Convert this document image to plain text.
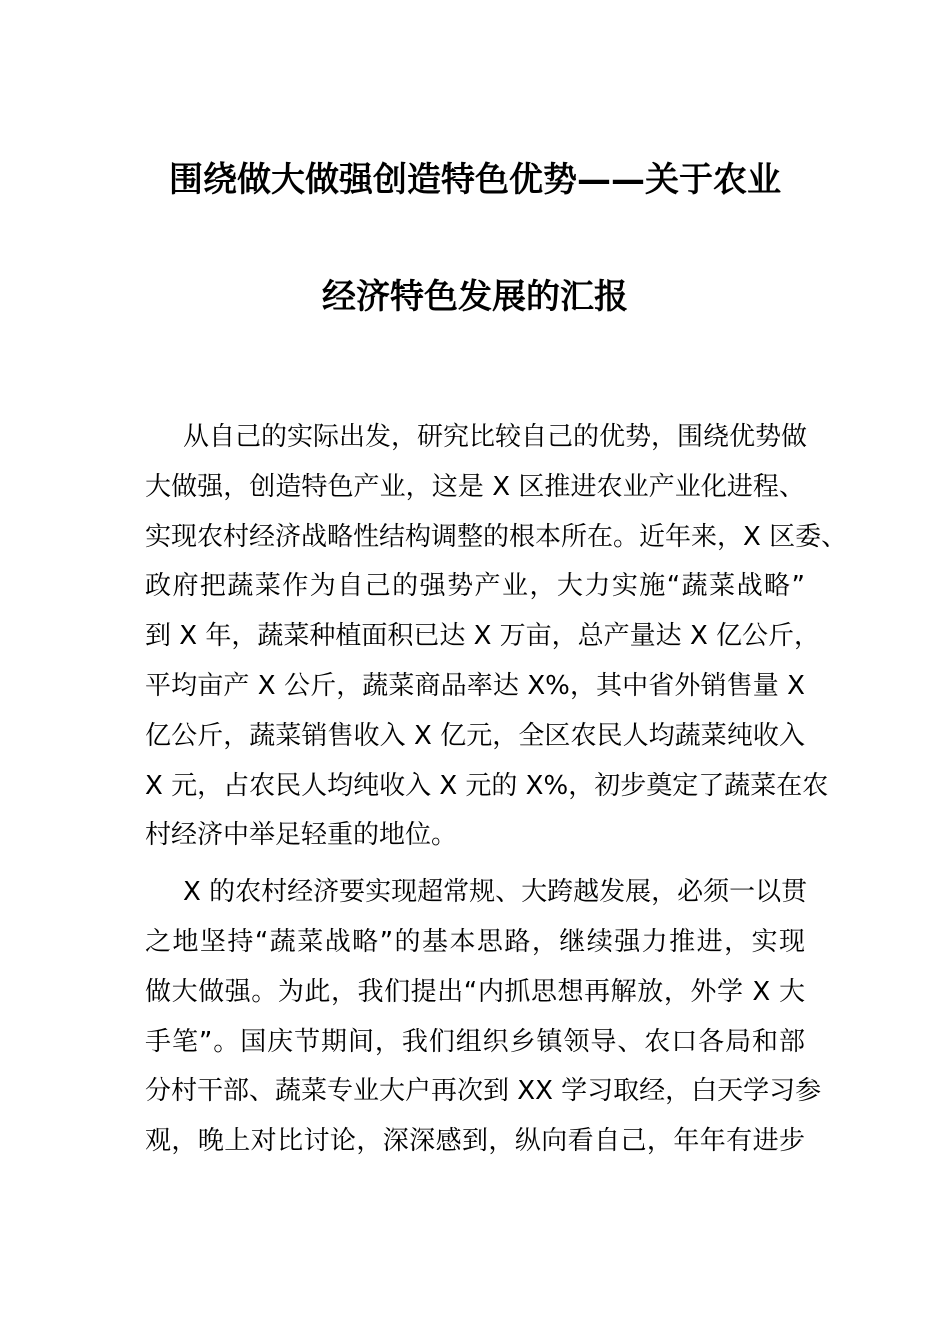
围绕做大做强创造特色优势——关于农业
经济特色发展的汇报
从自己的实际出发，研究比较自己的优势，围绕优势做
大做强，创造特色产业，这是 X 区推进农业产业化进程、
实现农村经济战略性结构调整的根本所在。近年来，X 区委、
政府把蔬菜作为自己的强势产业，大力实施“蔬菜战略”
到 X 年，蔬菜种植面积已达 X 万亩，总产量达 X 亿公斤，
平均亩产 X 公斤，蔬菜商品率达 X%，其中省外销售量 X
亿公斤，蔬菜销售收入 X 亿元，全区农民人均蔬菜纯收入
X 元，占农民人均纯收入 X 元的 X%，初步奠定了蔬菜在农
村经济中举足轻重的地位。
X 的农村经济要实现超常规、大跨越发展，必须一以贯
之地坚持“蔬菜战略”的基本思路，继续强力推进，实现
做大做强。为此，我们提出“内抓思想再解放，外学 X 大
手笔”。国庆节期间，我们组织乡镇领导、农口各局和部
分村干部、蔬菜专业大户再次到 XX 学习取经，白天学习参
观，晚上对比讨论，深深感到，纵向看自己，年年有进步
